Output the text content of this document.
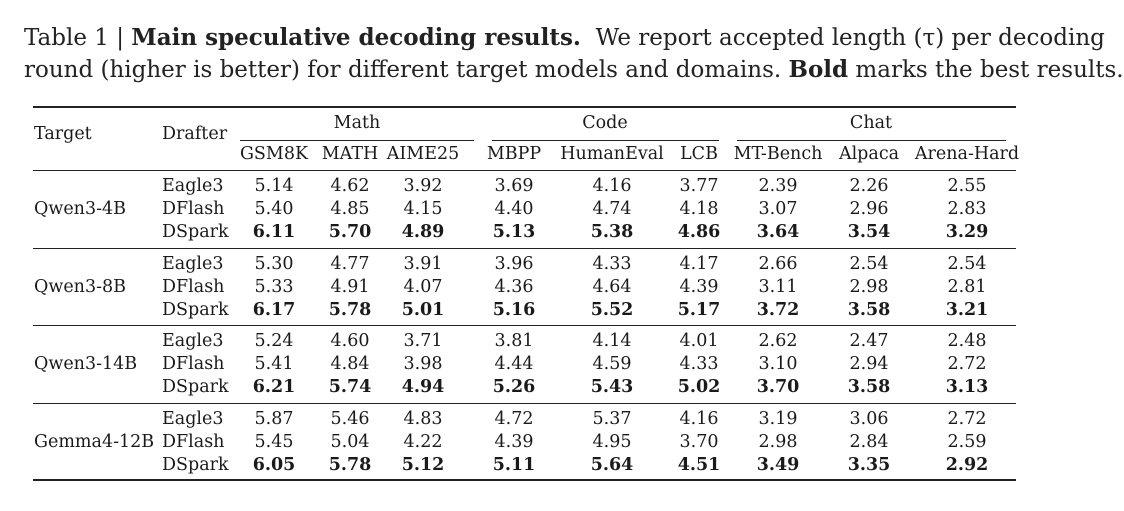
Table 1 | Main speculative decoding results. We report accepted length (τ) per decoding
round (higher is better) for different target models and domains. Bold marks the best results.
Target	Drafter
Math	Code	Chat
GSM8K MATH AIME25 MBPP HumanEval LCB MT-Bench Alpaca Arena-Hard
Qwen3-4B
Eagle3 5.14 4.62 3.92	3.69	4.16	3.77 2.39	2.26	2.55
DFlash 5.40 4.85 4.15	4.40	4.74	4.18 3.07	2.96	2.83
DSpark 6.11 5.70 4.89	5.13	5.38	4.86 3.64	3.54	3.29
Qwen3-8B
Eagle3 5.30 4.77 3.91	3.96	4.33	4.17 2.66	2.54	2.54
DFlash 5.33 4.91 4.07	4.36	4.64	4.39 3.11	2.98	2.81
DSpark 6.17 5.78 5.01	5.16	5.52	5.17 3.72	3.58	3.21
Qwen3-14B
Eagle3 5.24 4.60 3.71	3.81	4.14	4.01 2.62	2.47	2.48
DFlash 5.41 4.84 3.98	4.44	4.59	4.33 3.10	2.94	2.72
DSpark 6.21 5.74 4.94	5.26	5.43	5.02 3.70	3.58	3.13
Gemma4-12B
Eagle3 5.87 5.46 4.83	4.72	5.37	4.16 3.19	3.06	2.72
DFlash 5.45 5.04 4.22	4.39	4.95	3.70 2.98	2.84	2.59
DSpark 6.05 5.78 5.12	5.11	5.64	4.51 3.49	3.35	2.92
